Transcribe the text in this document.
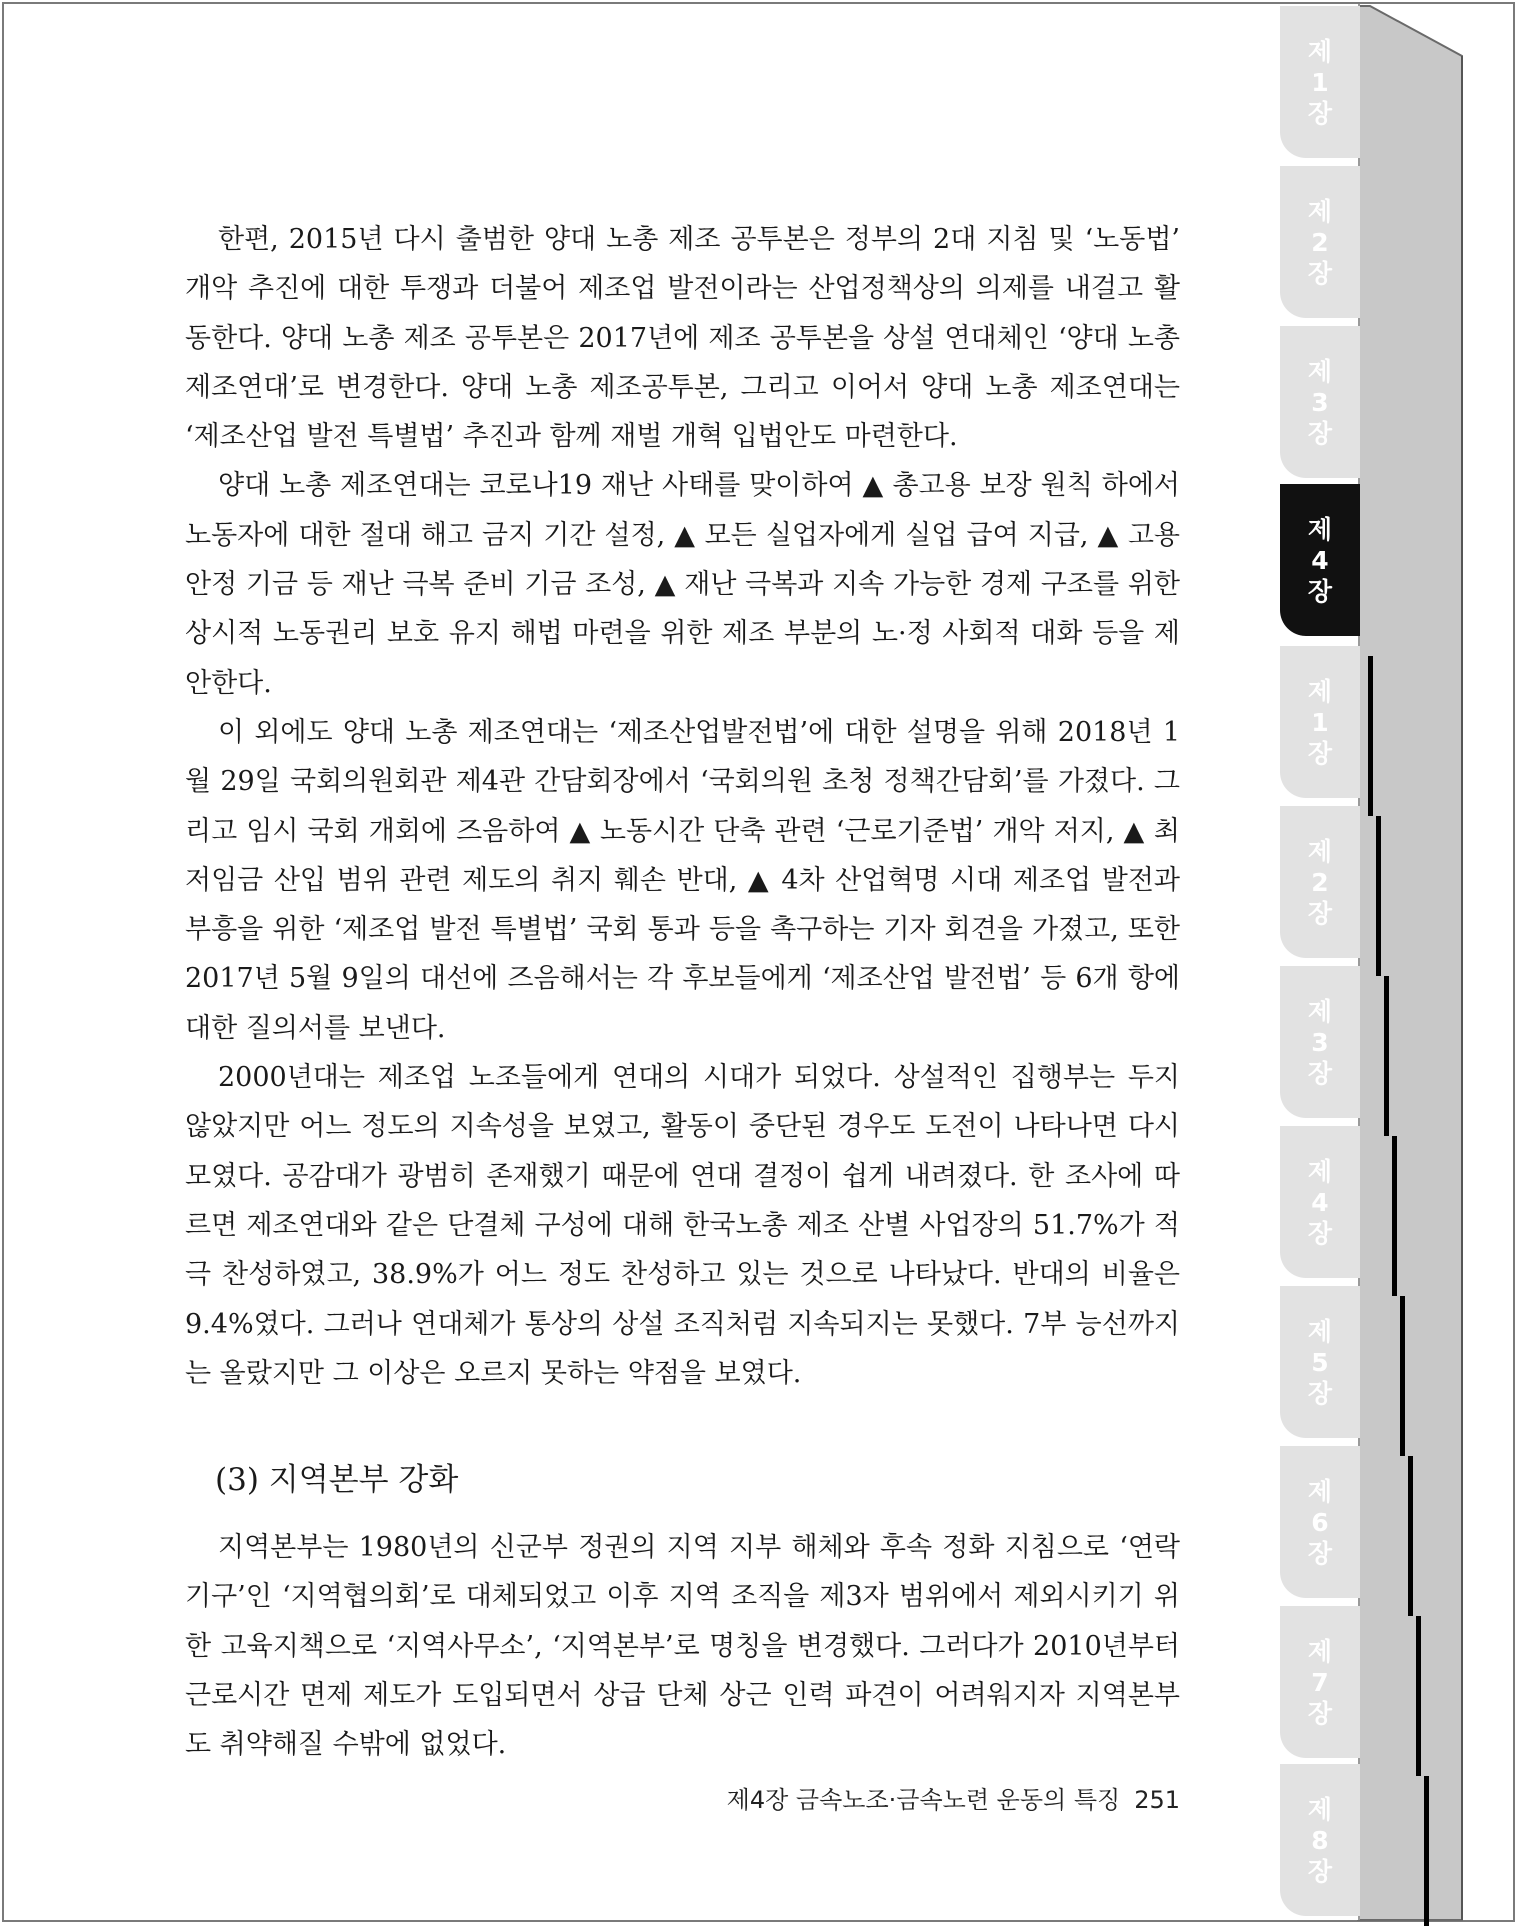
한편, 2015년 다시 출범한 양대 노총 제조 공투본은 정부의 2대 지침 및 ‘노동법’ 개악 추진에 대한 투쟁과 더불어 제조업 발전이라는 산업정책상의 의제를 내걸고 활동한다. 양대 노총 제조 공투본은 2017년에 제조 공투본을 상설 연대체인 ‘양대 노총 제조연대’로 변경한다. 양대 노총 제조공투본, 그리고 이어서 양대 노총 제조연대는 ‘제조산업 발전 특별법’ 추진과 함께 재벌 개혁 입법안도 마련한다.

양대 노총 제조연대는 코로나19 재난 사태를 맞이하여 ▲ 총고용 보장 원칙 하에서 노동자에 대한 절대 해고 금지 기간 설정, ▲ 모든 실업자에게 실업 급여 지급, ▲ 고용 안정 기금 등 재난 극복 준비 기금 조성, ▲ 재난 극복과 지속 가능한 경제 구조를 위한 상시적 노동권리 보호 유지 해법 마련을 위한 제조 부분의 노·정 사회적 대화 등을 제안한다.

이 외에도 양대 노총 제조연대는 ‘제조산업발전법’에 대한 설명을 위해 2018년 1월 29일 국회의원회관 제4관 간담회장에서 ‘국회의원 초청 정책간담회’를 가졌다. 그리고 임시 국회 개회에 즈음하여 ▲ 노동시간 단축 관련 ‘근로기준법’ 개악 저지, ▲ 최저임금 산입 범위 관련 제도의 취지 훼손 반대, ▲ 4차 산업혁명 시대 제조업 발전과 부흥을 위한 ‘제조업 발전 특별법’ 국회 통과 등을 촉구하는 기자 회견을 가졌고, 또한 2017년 5월 9일의 대선에 즈음해서는 각 후보들에게 ‘제조산업 발전법’ 등 6개 항에 대한 질의서를 보낸다.

2000년대는 제조업 노조들에게 연대의 시대가 되었다. 상설적인 집행부는 두지 않았지만 어느 정도의 지속성을 보였고, 활동이 중단된 경우도 도전이 나타나면 다시 모였다. 공감대가 광범히 존재했기 때문에 연대 결정이 쉽게 내려졌다. 한 조사에 따르면 제조연대와 같은 단결체 구성에 대해 한국노총 제조 산별 사업장의 51.7%가 적극 찬성하였고, 38.9%가 어느 정도 찬성하고 있는 것으로 나타났다. 반대의 비율은 9.4%였다. 그러나 연대체가 통상의 상설 조직처럼 지속되지는 못했다. 7부 능선까지는 올랐지만 그 이상은 오르지 못하는 약점을 보였다.

(3) 지역본부 강화

지역본부는 1980년의 신군부 정권의 지역 지부 해체와 후속 정화 지침으로 ‘연락기구’인 ‘지역협의회’로 대체되었고 이후 지역 조직을 제3자 범위에서 제외시키기 위한 고육지책으로 ‘지역사무소’, ‘지역본부’로 명칭을 변경했다. 그러다가 2010년부터 근로시간 면제 제도가 도입되면서 상급 단체 상근 인력 파견이 어려워지자 지역본부도 취약해질 수밖에 없었다.

제4장 금속노조·금속노련 운동의 특징 251
제
1
장
제
2
장
제
3
장
제
4
장
제
1
장
제
2
장
제
3
장
제
4
장
제
5
장
제
6
장
제
7
장
제
8
장
